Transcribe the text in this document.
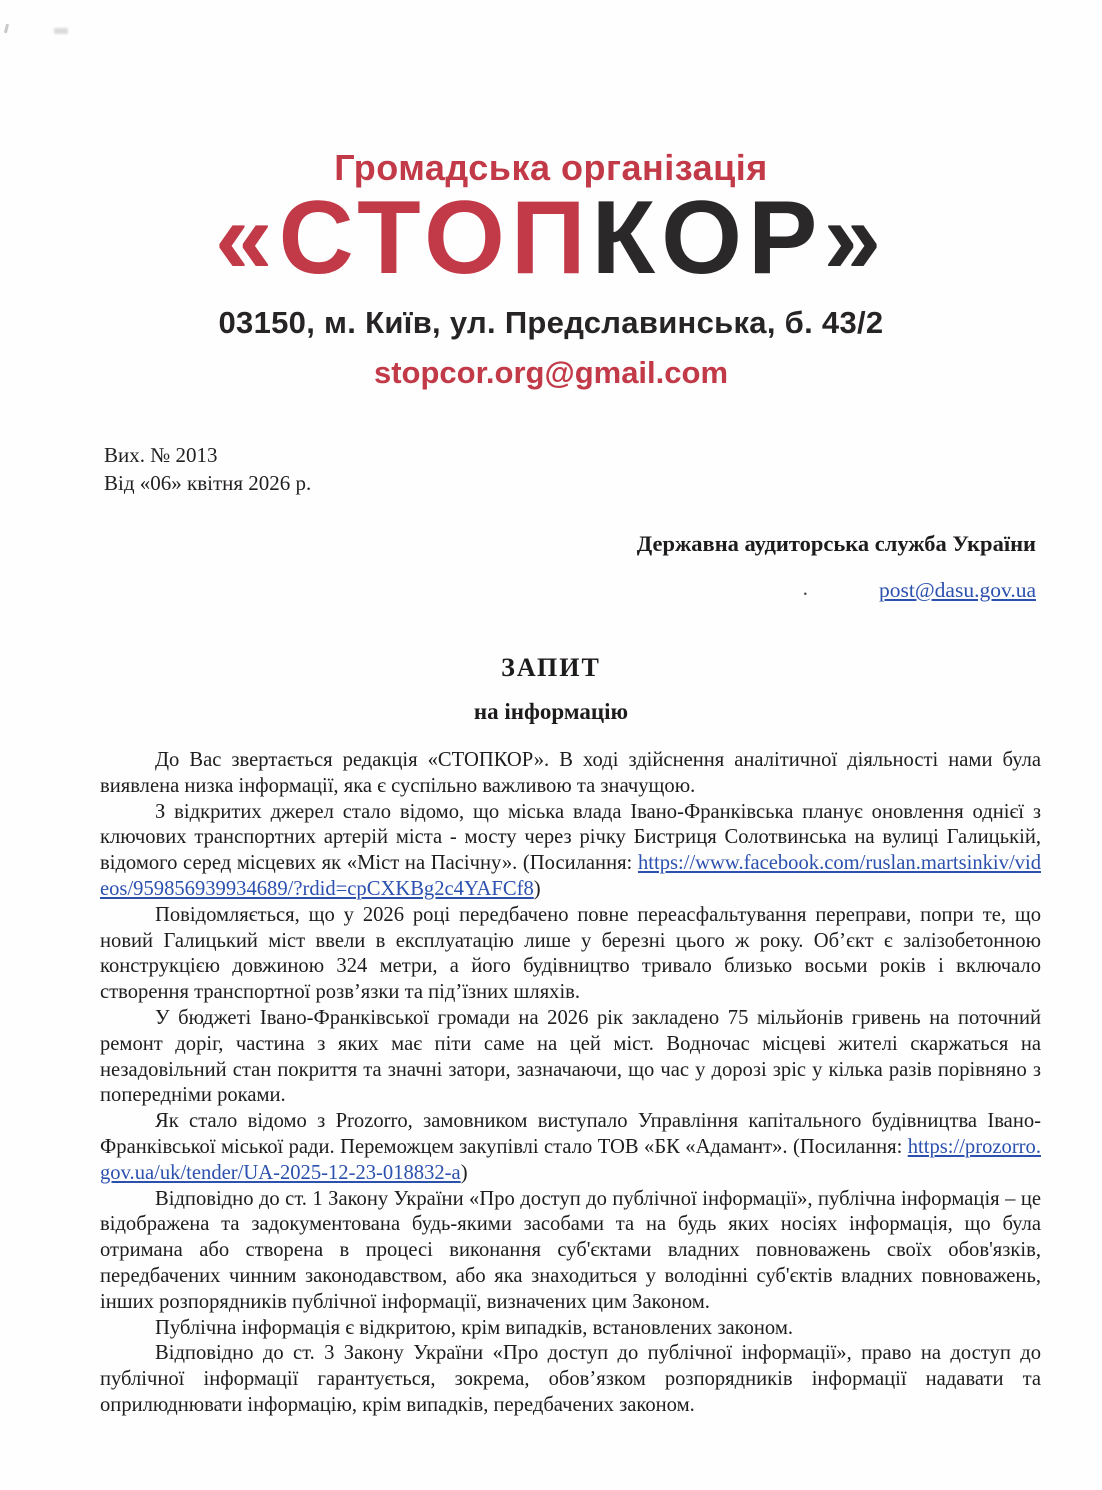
Громадська організація
«СТОПКОР»
03150, м. Київ, ул. Предславинська, б. 43/2
stopcor.org@gmail.com
Вих. № 2013
Від «06» квітня 2026 р.
Державна аудиторська служба України
.	post@dasu.gov.ua
ЗАПИТ
на інформацію

До Вас звертається редакція «СТОПКОР». В ході здійснення аналітичної діяльності нами була виявлена низка інформації, яка є суспільно важливою та значущою.

З відкритих джерел стало відомо, що міська влада Івано-Франківська планує оновлення однієї з ключових транспортних артерій міста - мосту через річку Бистриця Солотвинська на вулиці Галицькій, відомого серед місцевих як «Міст на Пасічну». (Посилання: https://www.facebook.com/ruslan.martsinkiv/videos/959856939934689/?rdid=cpCXKBg2c4YAFCf8)

Повідомляється, що у 2026 році передбачено повне переасфальтування переправи, попри те, що новий Галицький міст ввели в експлуатацію лише у березні цього ж року. Об’єкт є залізобетонною конструкцією довжиною 324 метри, а його будівництво тривало близько восьми років і включало створення транспортної розв’язки та під’їзних шляхів.

У бюджеті Івано-Франківської громади на 2026 рік закладено 75 мільйонів гривень на поточний ремонт доріг, частина з яких має піти саме на цей міст. Водночас місцеві жителі скаржаться на незадовільний стан покриття та значні затори, зазначаючи, що час у дорозі зріс у кілька разів порівняно з попередніми роками.

Як стало відомо з Prozorro, замовником виступало Управління капітального будівництва Івано-Франківської міської ради. Переможцем закупівлі стало ТОВ «БК «Адамант». (Посилання: https://prozorro.gov.ua/uk/tender/UA-2025-12-23-018832-a)

Відповідно до ст. 1 Закону України «Про доступ до публічної інформації», публічна інформація – це відображена та задокументована будь-якими засобами та на будь яких носіях інформація, що була отримана або створена в процесі виконання суб'єктами владних повноважень своїх обов'язків, передбачених чинним законодавством, або яка знаходиться у володінні суб'єктів владних повноважень, інших розпорядників публічної інформації, визначених цим Законом.

Публічна інформація є відкритою, крім випадків, встановлених законом.

Відповідно до ст. 3 Закону України «Про доступ до публічної інформації», право на доступ до публічної інформації гарантується, зокрема, обов’язком розпорядників інформації надавати та оприлюднювати інформацію, крім випадків, передбачених законом.
